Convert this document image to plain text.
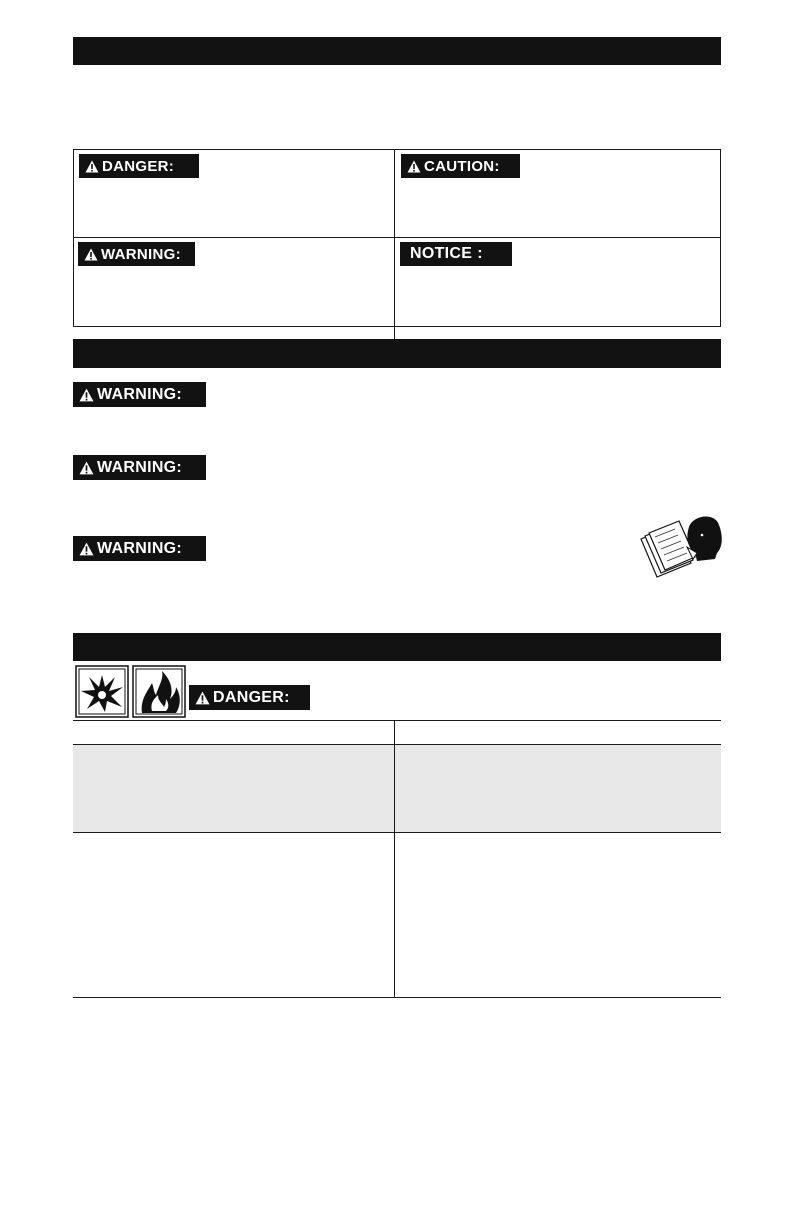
DANGER:	CAUTION:
WARNING:	NOTICE :
WARNING:
WARNING:
WARNING:
DANGER:
